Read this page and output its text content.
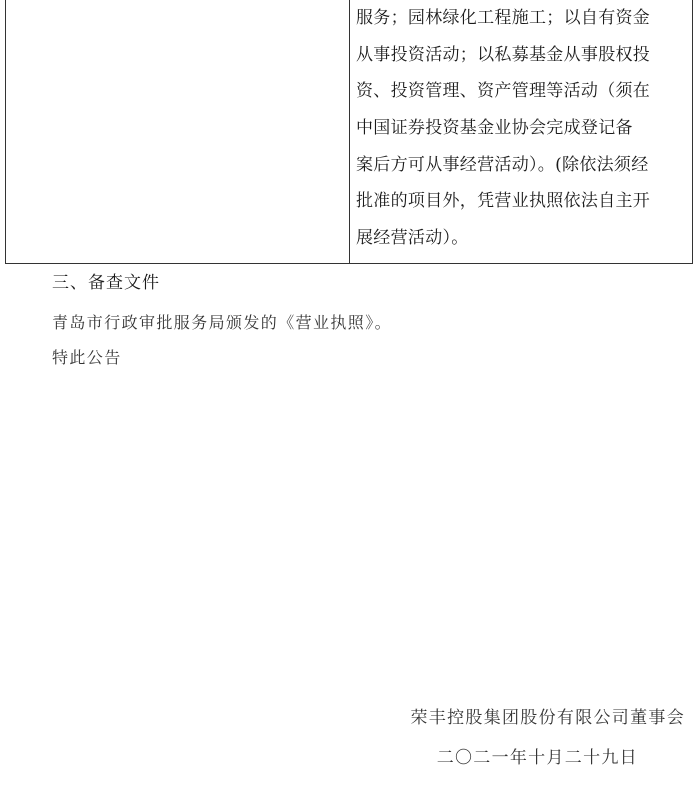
服务；园林绿化工程施工；以自有资金
从事投资活动；以私募基金从事股权投
资、投资管理、资产管理等活动（须在
中国证券投资基金业协会完成登记备
案后方可从事经营活动）。(除依法须经
批准的项目外，凭营业执照依法自主开
展经营活动）。
三、备查文件
青岛市行政审批服务局颁发的《营业执照》。
特此公告
荣丰控股集团股份有限公司董事会
二〇二一年十月二十九日
